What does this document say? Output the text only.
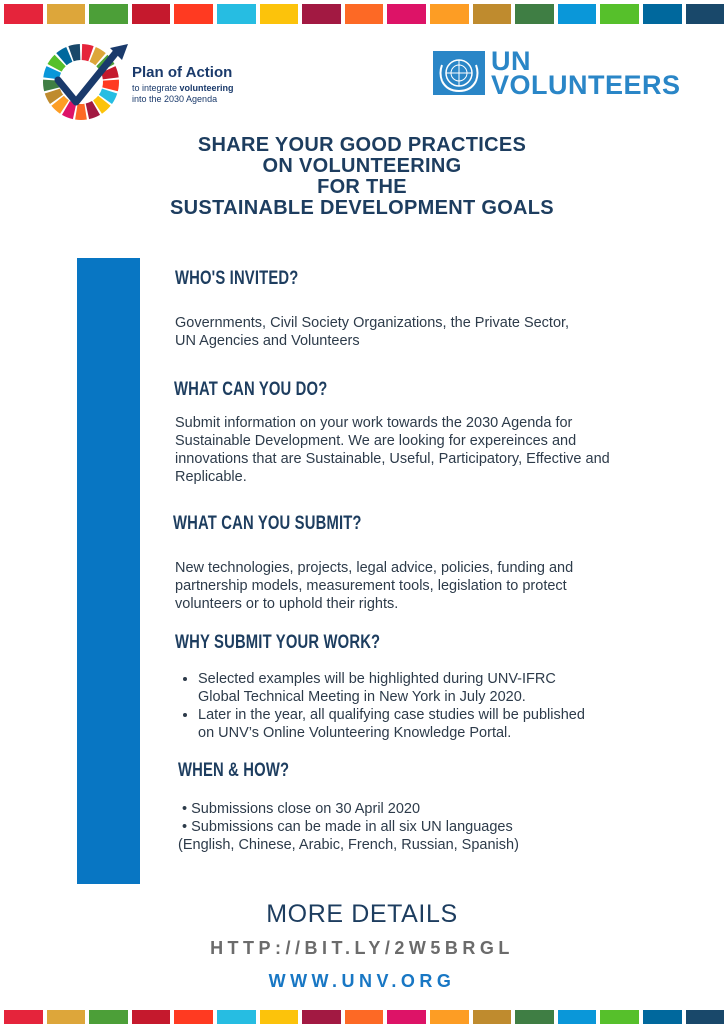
Plan of Action
to integrate volunteering
into the 2030 Agenda
UN
VOLUNTEERS
SHARE YOUR GOOD PRACTICES
ON VOLUNTEERING
FOR THE
SUSTAINABLE DEVELOPMENT GOALS
WHO'S INVITED?
Governments, Civil Society Organizations, the Private Sector,
UN Agencies and Volunteers
WHAT CAN YOU DO?
Submit information on your work towards the 2030 Agenda for
Sustainable Development. We are looking for expereinces and
innovations that are Sustainable, Useful, Participatory, Effective and
Replicable.
WHAT CAN YOU SUBMIT?
New technologies, projects, legal advice, policies, funding and
partnership models, measurement tools, legislation to protect
volunteers or to uphold their rights.
WHY SUBMIT YOUR WORK?
• Selected examples will be highlighted during UNV-IFRC
Global Technical Meeting in New York in July 2020.
• Later in the year, all qualifying case studies will be published
on UNV’s Online Volunteering Knowledge Portal.
WHEN & HOW?
• Submissions close on 30 April 2020
• Submissions can be made in all six UN languages
(English, Chinese, Arabic, French, Russian, Spanish)
MORE DETAILS
HTTP://BIT.LY/2W5BRGL
WWW.UNV.ORG
